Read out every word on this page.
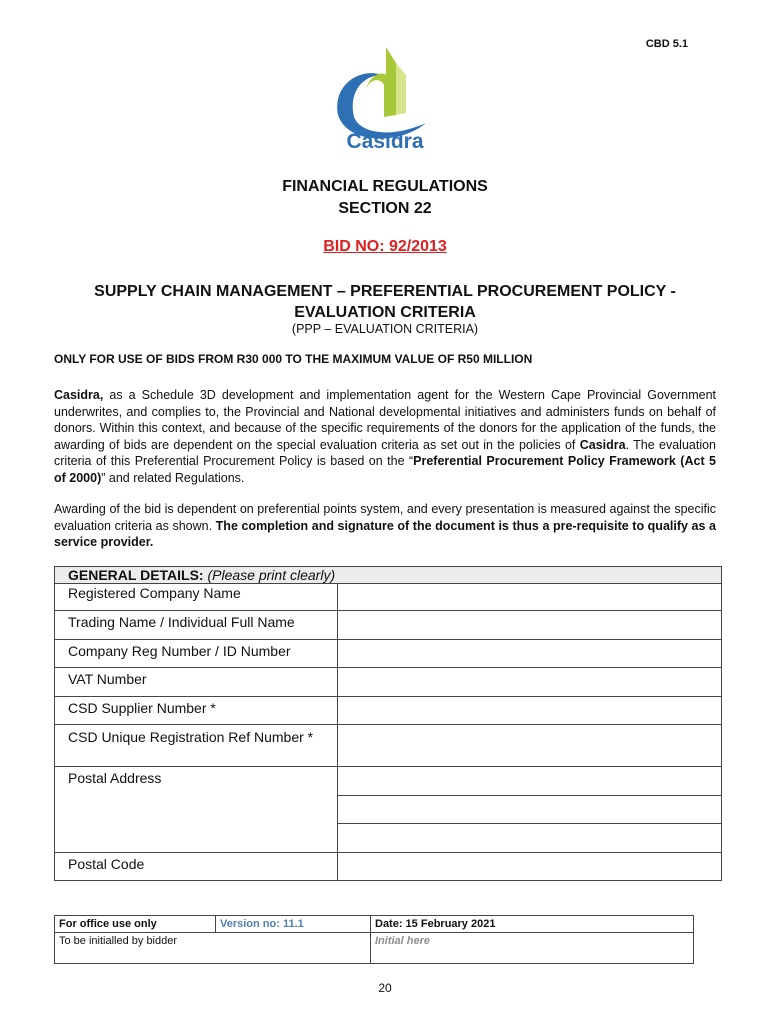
CBD 5.1
Casidra
FINANCIAL REGULATIONS
SECTION 22
BID NO: 92/2013
SUPPLY CHAIN MANAGEMENT – PREFERENTIAL PROCUREMENT POLICY -
EVALUATION CRITERIA
(PPP – EVALUATION CRITERIA)
ONLY FOR USE OF BIDS FROM R30 000 TO THE MAXIMUM VALUE OF R50 MILLION
Casidra, as a Schedule 3D development and implementation agent for the Western Cape Provincial Government underwrites, and complies to, the Provincial and National developmental initiatives and administers funds on behalf of donors. Within this context, and because of the specific requirements of the donors for the application of the funds, the awarding of bids are dependent on the special evaluation criteria as set out in the policies of Casidra. The evaluation criteria of this Preferential Procurement Policy is based on the “Preferential Procurement Policy Framework (Act 5 of 2000)” and related Regulations.
Awarding of the bid is dependent on preferential points system, and every presentation is measured against the specific evaluation criteria as shown. The completion and signature of the document is thus a pre-requisite to qualify as a service provider.
GENERAL DETAILS: (Please print clearly)	
Registered Company Name	
Trading Name / Individual Full Name	
Company Reg Number / ID Number	
VAT Number	
CSD Supplier Number *	
CSD Unique Registration Ref Number *	
Postal Address	

Postal Code	
For office use only	Version no: 11.1	Date: 15 February 2021
To be initialled by bidder		Initial here
20
